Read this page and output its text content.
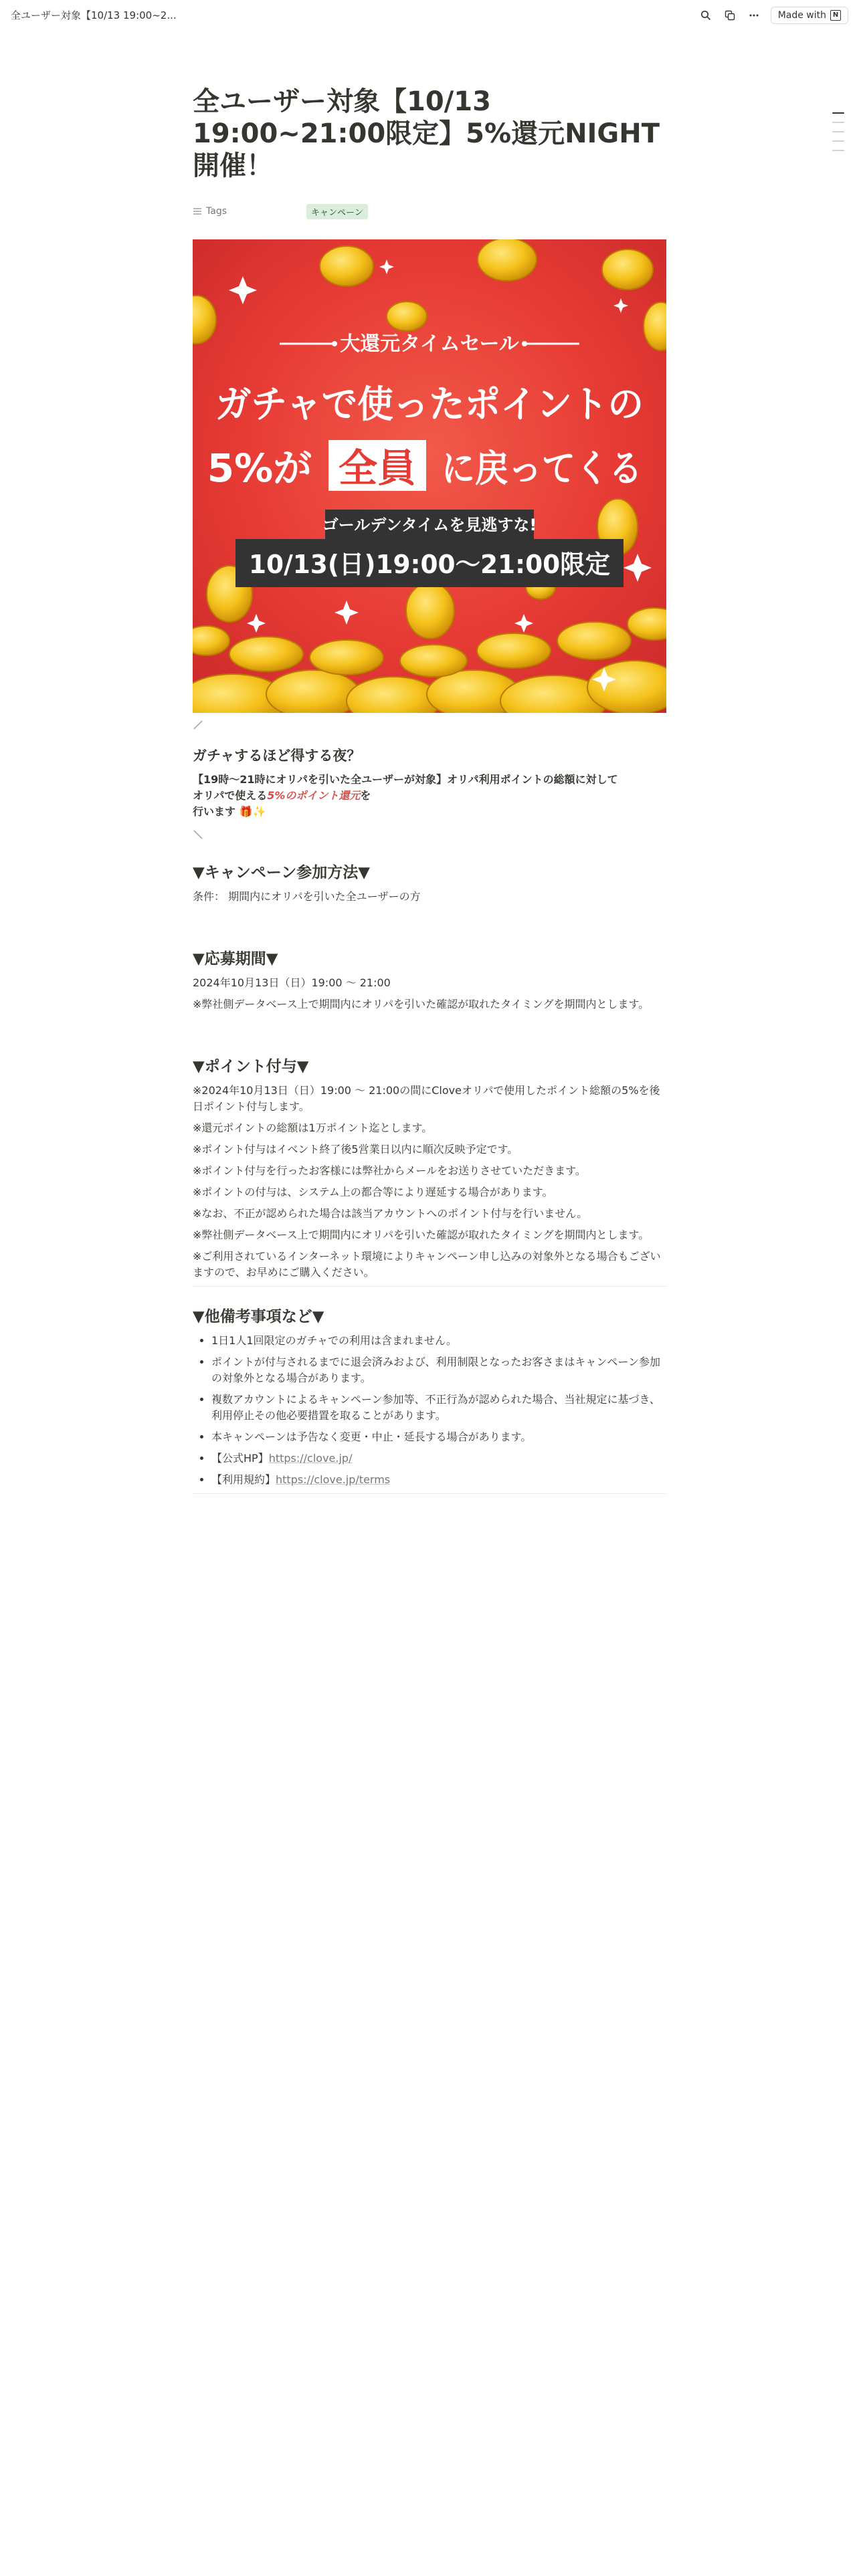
全ユーザー対象【10/13 19:00~2...	Made with N
全ユーザー対象【10/13 19:00~21:00限定】5%還元NIGHT開催！
Tags	キャンペーン
大還元タイムセール
ガチャで使ったポイントの
5%が 全員 に戻ってくる
ゴールデンタイムを見逃すな!
10/13(日)19:00〜21:00限定
ガチャするほど得する夜？
【19時〜21時にオリパを引いた全ユーザーが対象】オリパ利用ポイントの総額に対して
オリパで使える5%のポイント還元を
行います 🎁✨
▼キャンペーン参加方法▼
条件： 期間内にオリパを引いた全ユーザーの方
▼応募期間▼
2024年10月13日（日）19:00 〜 21:00
※弊社側データベース上で期間内にオリパを引いた確認が取れたタイミングを期間内とします。
▼ポイント付与▼
※2024年10月13日（日）19:00 〜 21:00の間にCloveオリパで使用したポイント総額の5%を後日ポイント付与します。
※還元ポイントの総額は1万ポイント迄とします。
※ポイント付与はイベント終了後5営業日以内に順次反映予定です。
※ポイント付与を行ったお客様には弊社からメールをお送りさせていただきます。
※ポイントの付与は、システム上の都合等により遅延する場合があります。
※なお、不正が認められた場合は該当アカウントへのポイント付与を行いません。
※弊社側データベース上で期間内にオリパを引いた確認が取れたタイミングを期間内とします。
※ご利用されているインターネット環境によりキャンペーン申し込みの対象外となる場合もございますので、お早めにご購入ください。
▼他備考事項など▼
• 1日1人1回限定のガチャでの利用は含まれません。
• ポイントが付与されるまでに退会済みおよび、利用制限となったお客さまはキャンペーン参加の対象外となる場合があります。
• 複数アカウントによるキャンペーン参加等、不正行為が認められた場合、当社規定に基づき、利用停止その他必要措置を取ることがあります。
• 本キャンペーンは予告なく変更・中止・延長する場合があります。
• 【公式HP】https://clove.jp/
• 【利用規約】https://clove.jp/terms
